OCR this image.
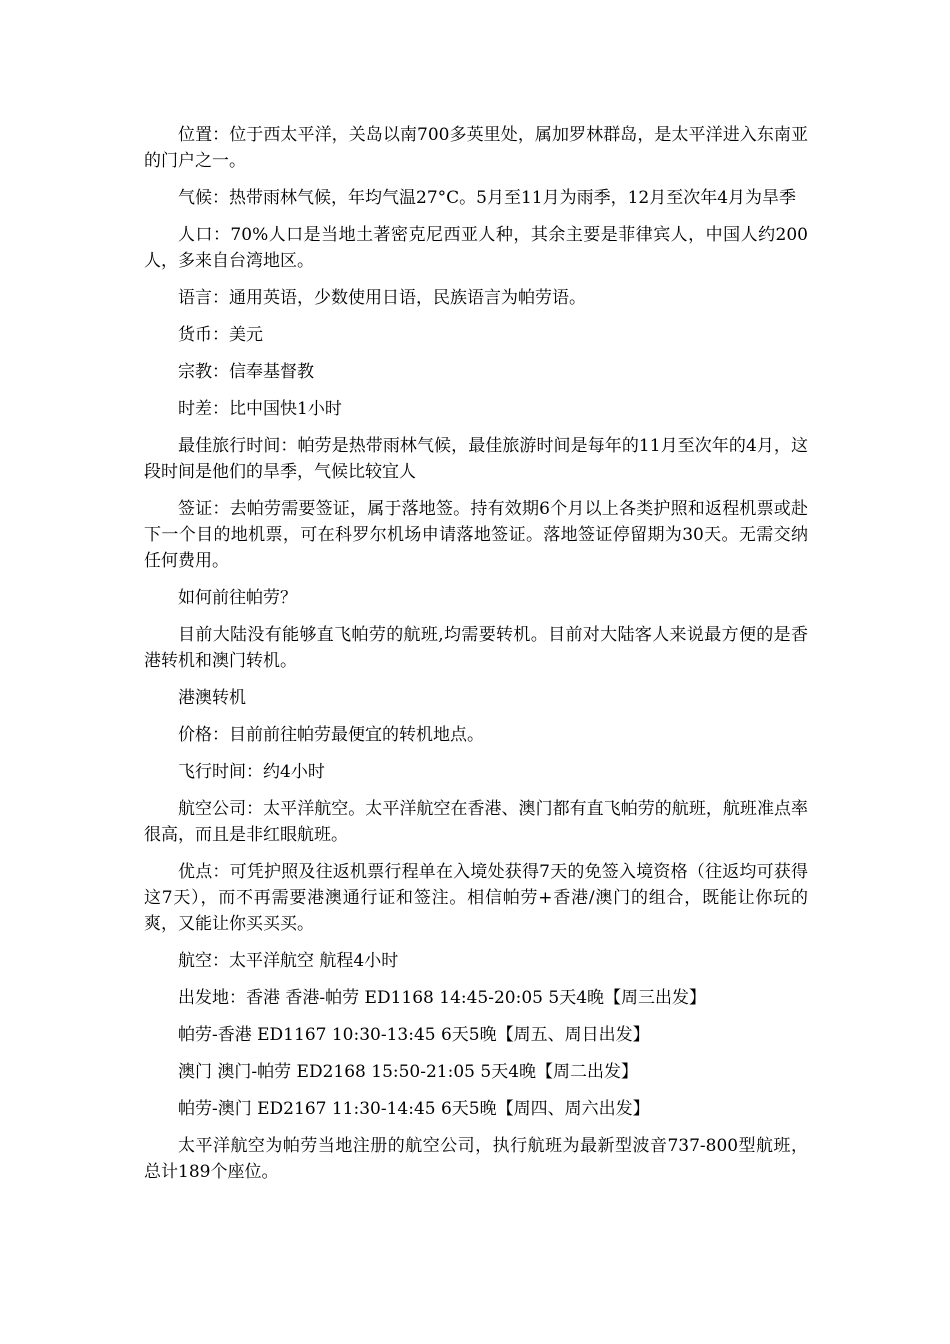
位置：位于西太平洋，关岛以南700多英里处，属加罗林群岛，是太平洋进入东南亚的门户之一。

气候：热带雨林气候，年均气温27°C。5月至11月为雨季，12月至次年4月为旱季

人口：70%人口是当地土著密克尼西亚人种，其余主要是菲律宾人，中国人约200人，多来自台湾地区。

语言：通用英语，少数使用日语，民族语言为帕劳语。

货币：美元

宗教：信奉基督教

时差：比中国快1小时

最佳旅行时间：帕劳是热带雨林气候，最佳旅游时间是每年的11月至次年的4月，这段时间是他们的旱季，气候比较宜人

签证：去帕劳需要签证，属于落地签。持有效期6个月以上各类护照和返程机票或赴下一个目的地机票，可在科罗尔机场申请落地签证。落地签证停留期为30天。无需交纳任何费用。

如何前往帕劳？

目前大陆没有能够直飞帕劳的航班,均需要转机。目前对大陆客人来说最方便的是香港转机和澳门转机。

港澳转机

价格：目前前往帕劳最便宜的转机地点。

飞行时间：约4小时

航空公司：太平洋航空。太平洋航空在香港、澳门都有直飞帕劳的航班，航班准点率很高，而且是非红眼航班。

优点：可凭护照及往返机票行程单在入境处获得7天的免签入境资格（往返均可获得这7天），而不再需要港澳通行证和签注。相信帕劳+香港/澳门的组合，既能让你玩的爽，又能让你买买买。

航空：太平洋航空 航程4小时

出发地：香港 香港-帕劳 ED1168 14:45-20:05 5天4晚【周三出发】

帕劳-香港 ED1167 10:30-13:45 6天5晚【周五、周日出发】

澳门 澳门-帕劳 ED2168 15:50-21:05 5天4晚【周二出发】

帕劳-澳门 ED2167 11:30-14:45 6天5晚【周四、周六出发】

太平洋航空为帕劳当地注册的航空公司，执行航班为最新型波音737-800型航班，总计189个座位。
